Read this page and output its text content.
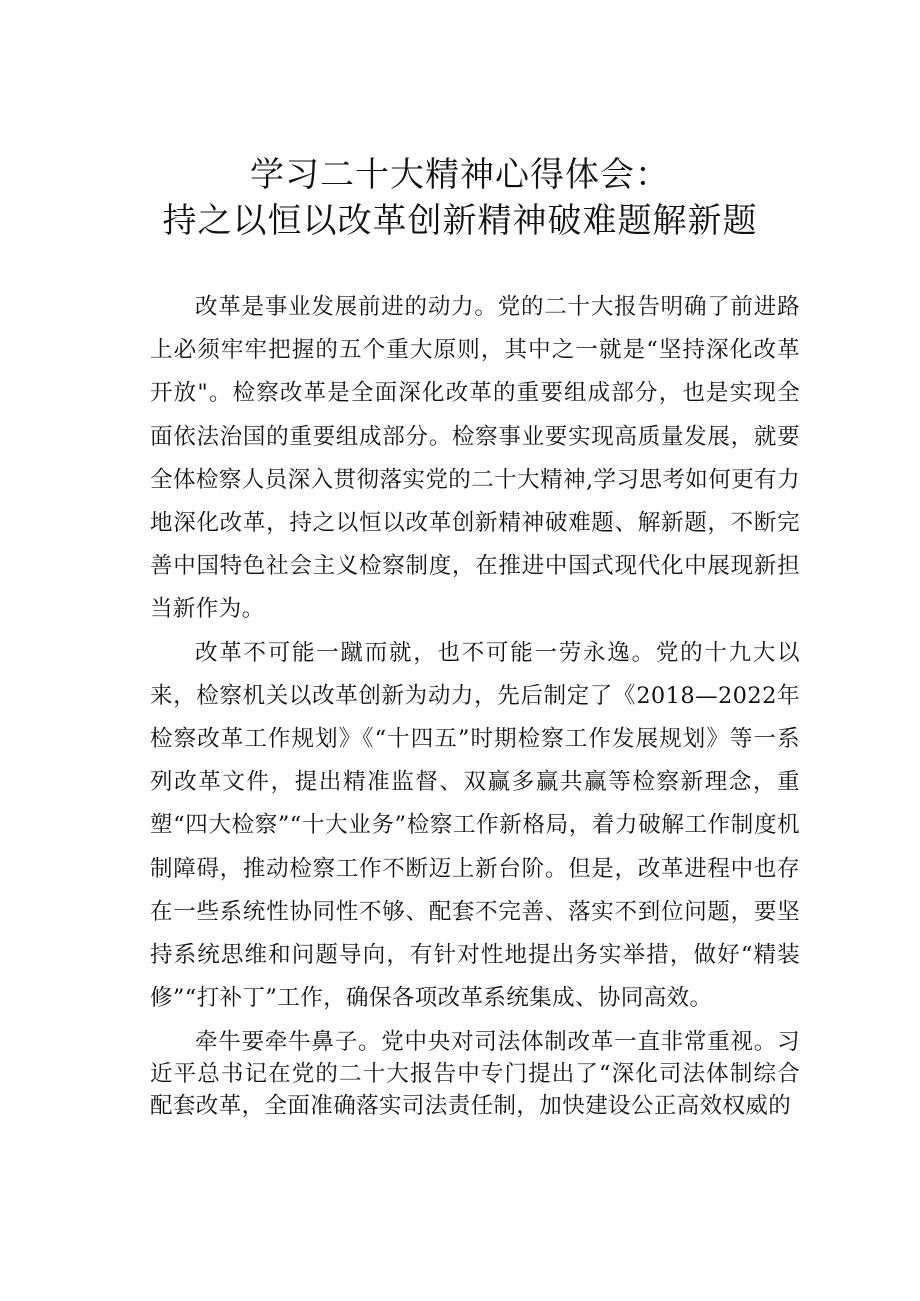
学习二十大精神心得体会：
持之以恒以改革创新精神破难题解新题

改革是事业发展前进的动力。党的二十大报告明确了前进路上必须牢牢把握的五个重大原则，其中之一就是“坚持深化改革开放"。检察改革是全面深化改革的重要组成部分，也是实现全面依法治国的重要组成部分。检察事业要实现高质量发展，就要全体检察人员深入贯彻落实党的二十大精神,学习思考如何更有力地深化改革，持之以恒以改革创新精神破难题、解新题，不断完善中国特色社会主义检察制度，在推进中国式现代化中展现新担当新作为。

改革不可能一蹴而就，也不可能一劳永逸。党的十九大以来，检察机关以改革创新为动力，先后制定了《2018—2022年检察改革工作规划》《“十四五”时期检察工作发展规划》等一系列改革文件，提出精准监督、双赢多赢共赢等检察新理念，重塑“四大检察”“十大业务”检察工作新格局，着力破解工作制度机制障碍，推动检察工作不断迈上新台阶。但是，改革进程中也存在一些系统性协同性不够、配套不完善、落实不到位问题，要坚持系统思维和问题导向，有针对性地提出务实举措，做好“精装修”“打补丁”工作，确保各项改革系统集成、协同高效。

牵牛要牵牛鼻子。党中央对司法体制改革一直非常重视。习近平总书记在党的二十大报告中专门提出了“深化司法体制综合配套改革，全面准确落实司法责任制，加快建设公正高效权威的
